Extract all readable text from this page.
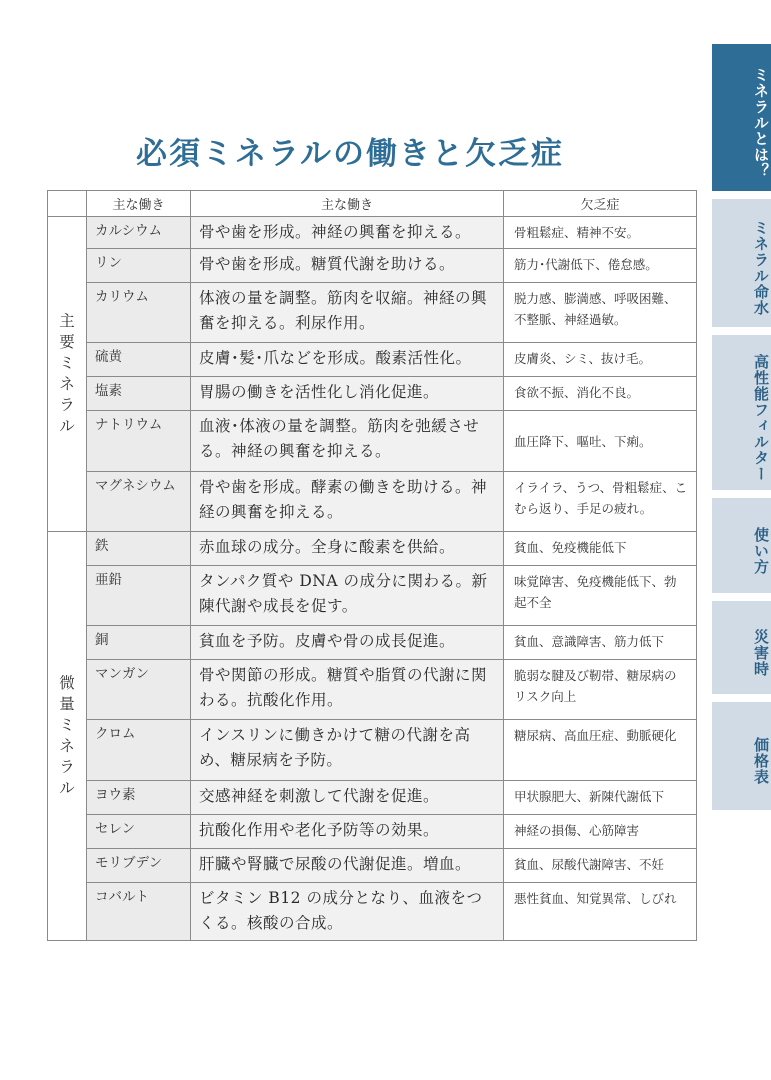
必須ミネラルの働きと欠乏症
	主な働き	主な働き	欠乏症
主要ミネラル	カルシウム	骨や歯を形成。神経の興奮を抑える。	骨粗鬆症、精神不安。
	リン	骨や歯を形成。糖質代謝を助ける。	筋力･代謝低下、倦怠感。
	カリウム	体液の量を調整。筋肉を収縮。神経の興奮を抑える。利尿作用。	脱力感、膨満感、呼吸困難、不整脈、神経過敏。
	硫黄	皮膚･髪･爪などを形成。酸素活性化。	皮膚炎、シミ、抜け毛。
	塩素	胃腸の働きを活性化し消化促進。	食欲不振、消化不良。
	ナトリウム	血液･体液の量を調整。筋肉を弛緩させる。神経の興奮を抑える。	血圧降下、嘔吐、下痢。
	マグネシウム	骨や歯を形成。酵素の働きを助ける。神経の興奮を抑える。	イライラ、うつ、骨粗鬆症、こむら返り、手足の疲れ。
微量ミネラル	鉄	赤血球の成分。全身に酸素を供給。	貧血、免疫機能低下
	亜鉛	タンパク質や DNA の成分に関わる。新陳代謝や成長を促す。	味覚障害、免疫機能低下、勃起不全
	銅	貧血を予防。皮膚や骨の成長促進。	貧血、意識障害、筋力低下
	マンガン	骨や関節の形成。糖質や脂質の代謝に関わる。抗酸化作用。	脆弱な腱及び靭帯、糖尿病のリスク向上
	クロム	インスリンに働きかけて糖の代謝を高め、糖尿病を予防。	糖尿病、高血圧症、動脈硬化
	ヨウ素	交感神経を刺激して代謝を促進。	甲状腺肥大、新陳代謝低下
	セレン	抗酸化作用や老化予防等の効果。	神経の損傷、心筋障害
	モリブデン	肝臓や腎臓で尿酸の代謝促進。増血。	貧血、尿酸代謝障害、不妊
	コバルト	ビタミン B12 の成分となり、血液をつくる。核酸の合成。	悪性貧血、知覚異常、しびれ
ミネラルとは？
ミネラル命水
高性能フィルター
使い方
災害時
価格表
